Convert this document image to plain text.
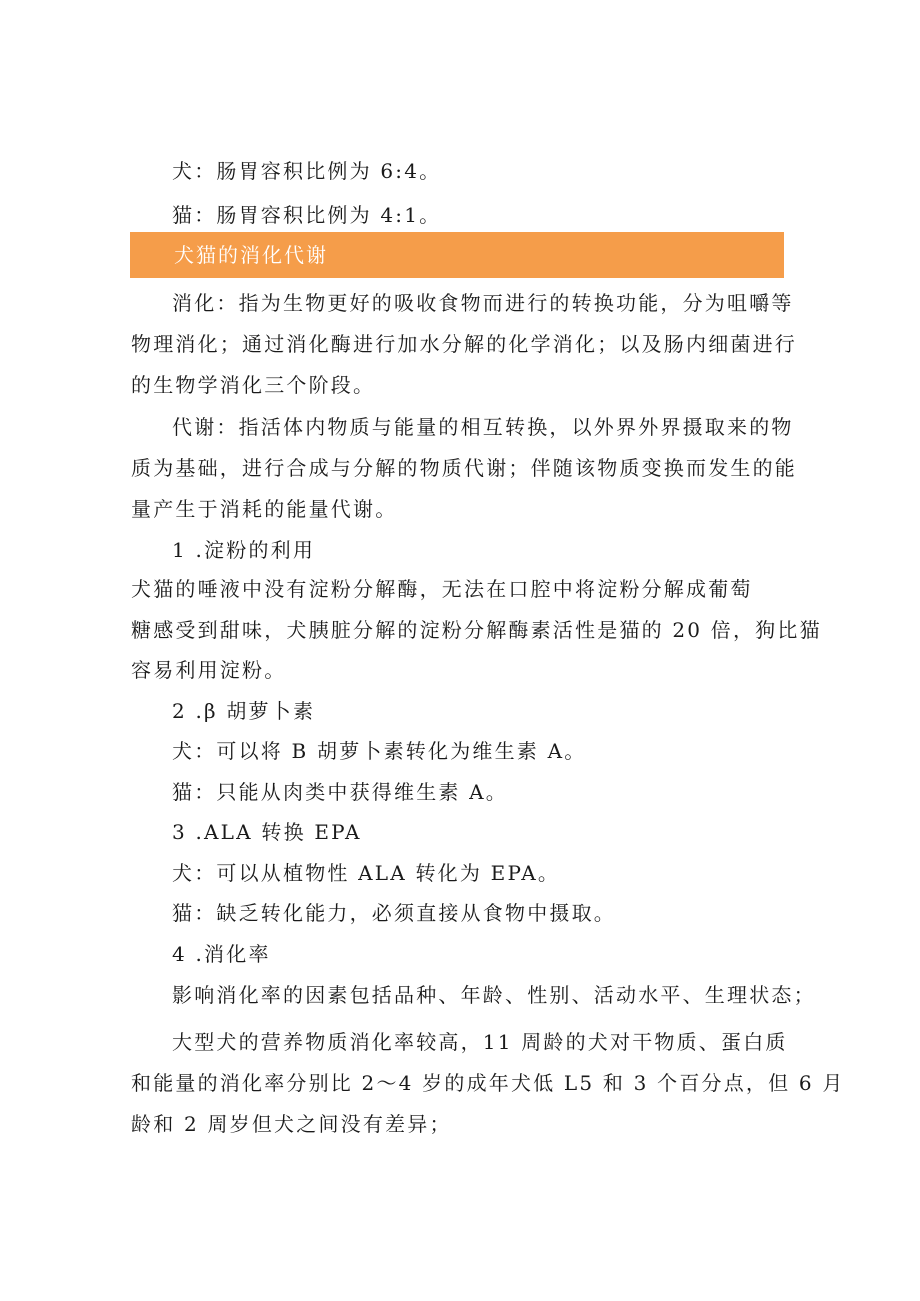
犬：肠胃容积比例为 6:4。
猫：肠胃容积比例为 4:1。
犬猫的消化代谢
消化：指为生物更好的吸收食物而进行的转换功能，分为咀嚼等
物理消化；通过消化酶进行加水分解的化学消化；以及肠内细菌进行
的生物学消化三个阶段。
代谢：指活体内物质与能量的相互转换，以外界外界摄取来的物
质为基础，进行合成与分解的物质代谢；伴随该物质变换而发生的能
量产生于消耗的能量代谢。
1 .淀粉的利用
犬猫的唾液中没有淀粉分解酶，无法在口腔中将淀粉分解成葡萄
糖感受到甜味，犬胰脏分解的淀粉分解酶素活性是猫的 20 倍，狗比猫
容易利用淀粉。
2 .β 胡萝卜素
犬：可以将 B 胡萝卜素转化为维生素 A。
猫：只能从肉类中获得维生素 A。
3 .ALA 转换 EPA
犬：可以从植物性 ALA 转化为 EPA。
猫：缺乏转化能力，必须直接从食物中摄取。
4 .消化率
影响消化率的因素包括品种、年龄、性别、活动水平、生理状态；
大型犬的营养物质消化率较高，11 周龄的犬对干物质、蛋白质
和能量的消化率分别比 2～4 岁的成年犬低 L5 和 3 个百分点，但 6 月
龄和 2 周岁但犬之间没有差异；
